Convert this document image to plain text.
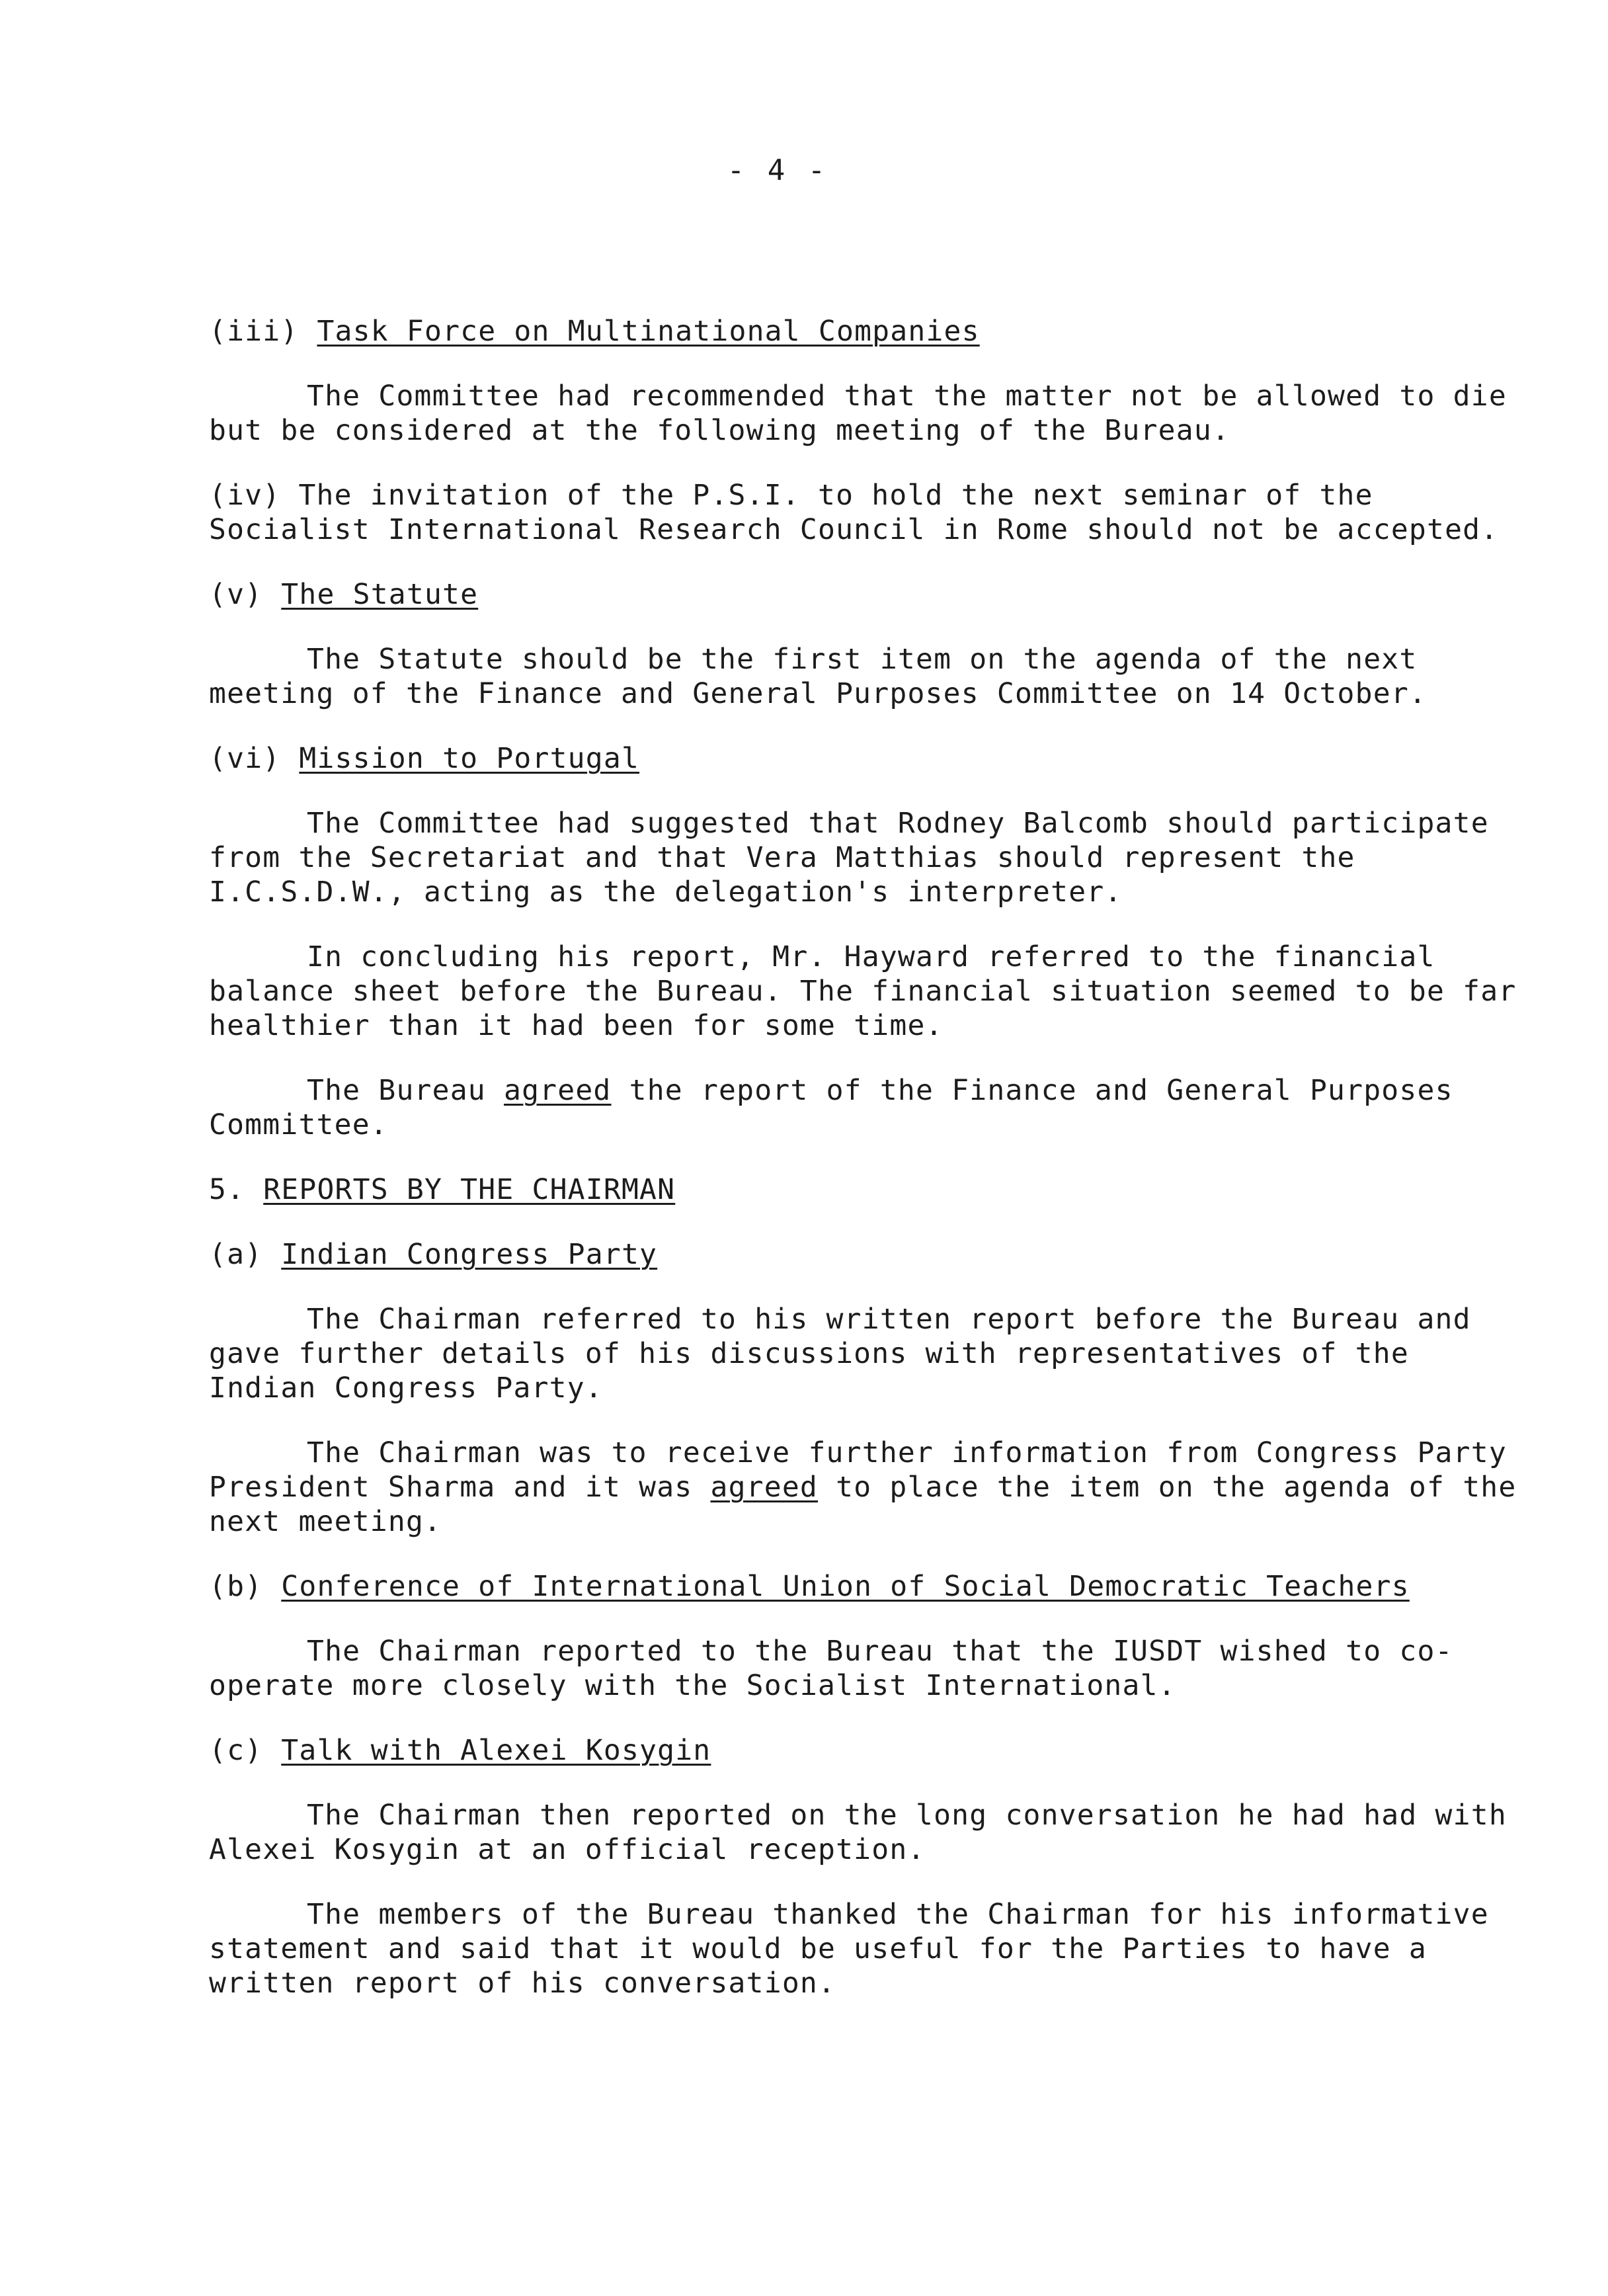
- 4 -
(iii) Task Force on Multinational Companies

The Committee had recommended that the matter not be allowed to die but be considered at the following meeting of the Bureau.

(iv) The invitation of the P.S.I. to hold the next seminar of the Socialist International Research Council in Rome should not be accepted.

(v) The Statute

The Statute should be the first item on the agenda of the next meeting of the Finance and General Purposes Committee on 14 October.

(vi) Mission to Portugal

The Committee had suggested that Rodney Balcomb should participate from the Secretariat and that Vera Matthias should represent the I.C.S.D.W., acting as the delegation's interpreter.

In concluding his report, Mr. Hayward referred to the financial balance sheet before the Bureau. The financial situation seemed to be far healthier than it had been for some time.

The Bureau agreed the report of the Finance and General Purposes Committee.

5. REPORTS BY THE CHAIRMAN
(a) Indian Congress Party

The Chairman referred to his written report before the Bureau and gave further details of his discussions with representatives of the Indian Congress Party.

The Chairman was to receive further information from Congress Party President Sharma and it was agreed to place the item on the agenda of the next meeting.

(b) Conference of International Union of Social Democratic Teachers

The Chairman reported to the Bureau that the IUSDT wished to co-operate more closely with the Socialist International.

(c) Talk with Alexei Kosygin

The Chairman then reported on the long conversation he had had with Alexei Kosygin at an official reception.

The members of the Bureau thanked the Chairman for his informative statement and said that it would be useful for the Parties to have a written report of his conversation.
